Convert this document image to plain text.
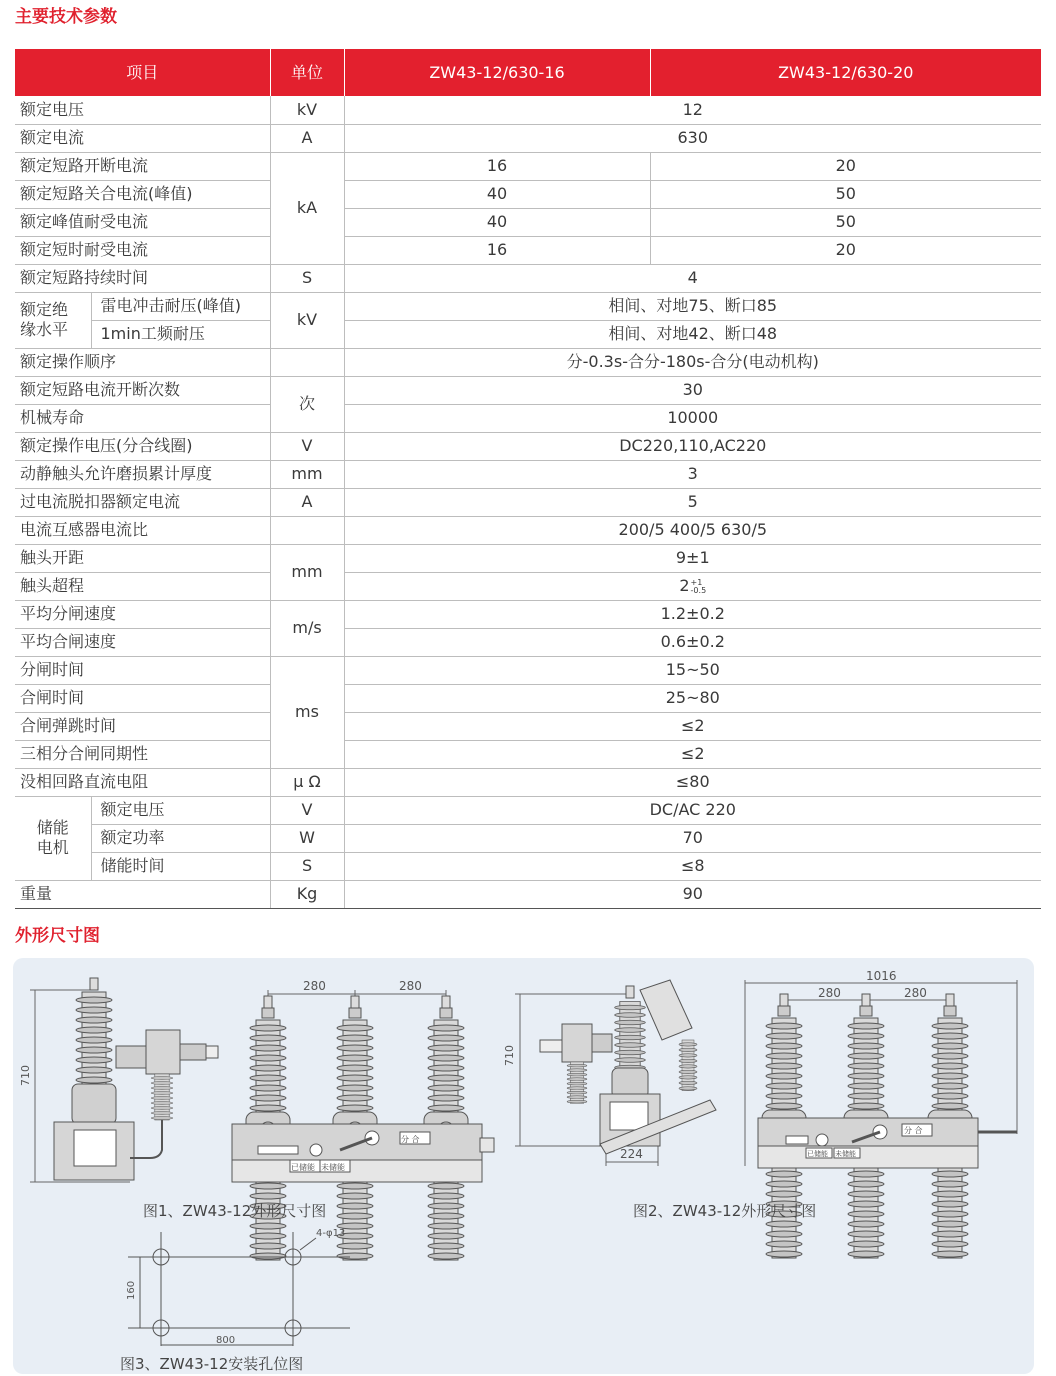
主要技术参数
项目		单位	ZW43-12/630-16	ZW43-12/630-20
额定电压		kV	12	
额定电流		A	630	
额定短路开断电流		kA	16	20
额定短路关合电流(峰值)			40	50
额定峰值耐受电流			40	50
额定短时耐受电流			16	20
额定短路持续时间		S	4	

额定绝
缘水平	雷电冲击耐压(峰值)	kV	相间、对地75、断口85	
	1min工频耐压		相间、对地42、断口48	
额定操作顺序			分-0.3s-合分-180s-合分(电动机构)	
额定短路电流开断次数		次	30	
机械寿命			10000	
额定操作电压(分合线圈)		V	DC220,110,AC220	
动静触头允许磨损累计厚度		mm	3	
过电流脱扣器额定电流		A	5	
电流互感器电流比			200/5 400/5 630/5	
触头开距		mm	9±1	
触头超程			2 +1
-0.5	

平均分闸速度		m/s	1.2±0.2	
平均合闸速度			0.6±0.2	
分闸时间		ms	15~50	
合闸时间			25~80	
合闸弹跳时间			≤2	
三相分合闸同期性			≤2	
没相回路直流电阻		μ Ω	≤80	

储能
电机	额定电压	V	DC/AC 220	
	额定功率	W	70	
	储能时间	S	≤8	
重量		Kg	90	
外形尺寸图
710
280	280
已储能 未储能
分 合
710
224
1016
280	280
已储能 未储能
分 合
4-φ13
160
800
图1、ZW43-12外形尺寸图	图2、ZW43-12外形尺寸图
图3、ZW43-12安装孔位图
